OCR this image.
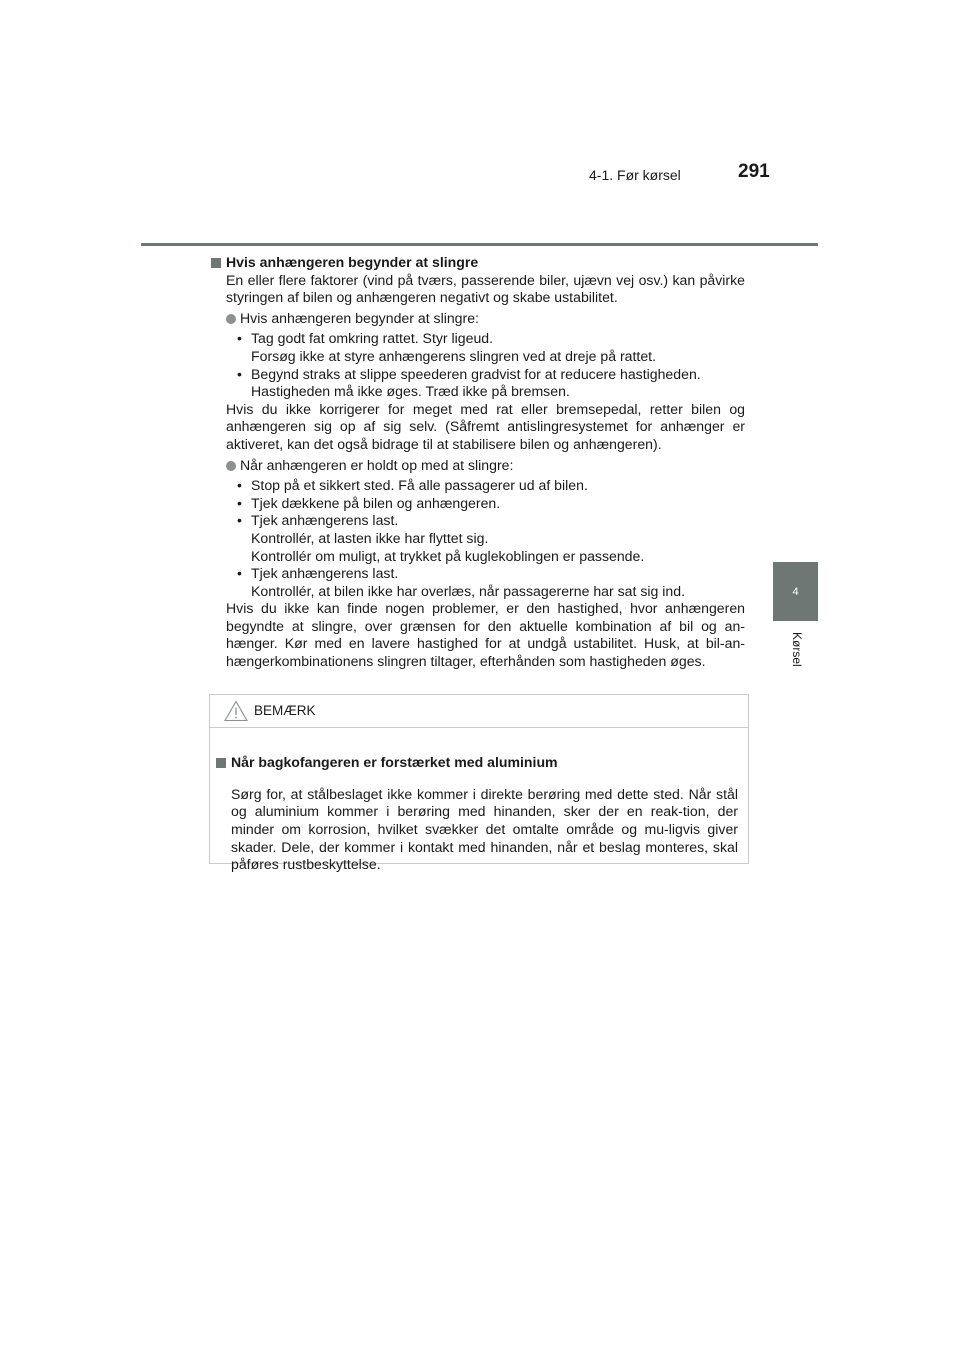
4-1. Før kørsel	291
4
Kørsel

Hvis anhængeren begynder at slingre

En eller flere faktorer (vind på tværs, passerende biler, ujævn vej osv.) kan påvirke styringen af bilen og anhængeren negativt og skabe ustabilitet.

Hvis anhængeren begynder at slingre:
• Tag godt fat omkring rattet. Styr ligeud.

Forsøg ikke at styre anhængerens slingren ved at dreje på rattet.

• Begynd straks at slippe speederen gradvist for at reducere hastigheden.

Hastigheden må ikke øges. Træd ikke på bremsen.

Hvis du ikke korrigerer for meget med rat eller bremsepedal, retter bilen og anhængeren sig op af sig selv. (Såfremt antislingresystemet for anhænger er aktiveret, kan det også bidrage til at stabilisere bilen og anhængeren).

Når anhængeren er holdt op med at slingre:
• Stop på et sikkert sted. Få alle passagerer ud af bilen.
• Tjek dækkene på bilen og anhængeren.
• Tjek anhængerens last.

Kontrollér, at lasten ikke har flyttet sig.

Kontrollér om muligt, at trykket på kuglekoblingen er passende.

• Tjek anhængerens last.

Kontrollér, at bilen ikke har overlæs, når passagererne har sat sig ind.

Hvis du ikke kan finde nogen problemer, er den hastighed, hvor anhængeren begyndte at slingre, over grænsen for den aktuelle kombination af bil og an-hænger. Kør med en lavere hastighed for at undgå ustabilitet. Husk, at bil-an-hængerkombinationens slingren tiltager, efterhånden som hastigheden øges.

BEMÆRK

Når bagkofangeren er forstærket med aluminium

Sørg for, at stålbeslaget ikke kommer i direkte berøring med dette sted. Når stål og aluminium kommer i berøring med hinanden, sker der en reak-tion, der minder om korrosion, hvilket svækker det omtalte område og mu-ligvis giver skader. Dele, der kommer i kontakt med hinanden, når et beslag monteres, skal påføres rustbeskyttelse.
